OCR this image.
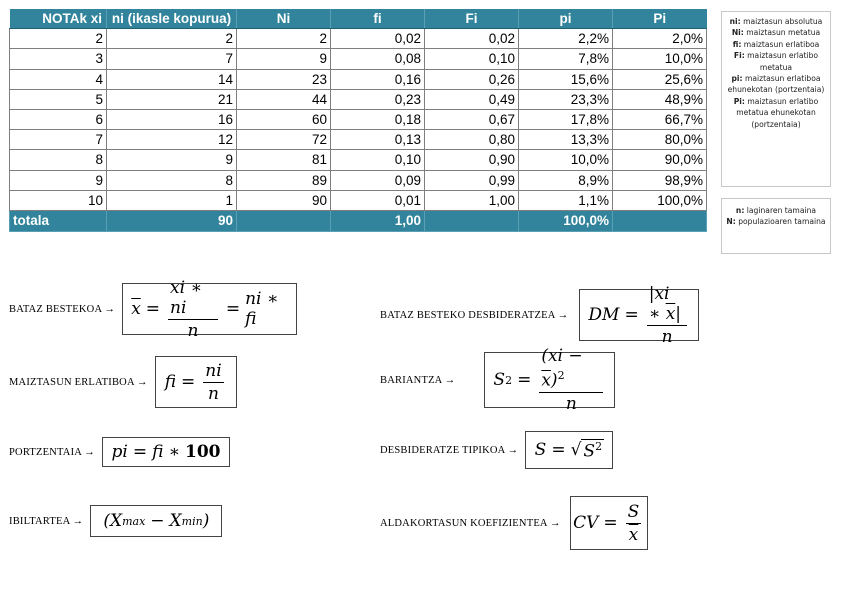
NOTAk xi	ni (ikasle kopurua)	Ni	fi	Fi	pi	Pi
2	2	2	0,02	0,02	2,2%	2,0%
3	7	9	0,08	0,10	7,8%	10,0%
4	14	23	0,16	0,26	15,6%	25,6%
5	21	44	0,23	0,49	23,3%	48,9%
6	16	60	0,18	0,67	17,8%	66,7%
7	12	72	0,13	0,80	13,3%	80,0%
8	9	81	0,10	0,90	10,0%	90,0%
9	8	89	0,09	0,99	8,9%	98,9%
10	1	90	0,01	1,00	1,1%	100,0%
totala	90		1,00		100,0%	
ni: maiztasun absolutua
Ni: maiztasun metatua
fi: maiztasun erlatiboa
Fi: maiztasun erlatibo metatua
pi: maiztasun erlatiboa ehunekotan (portzentaia)
Pi: maiztasun erlatibo metatua ehunekotan (portzentaia)
n: laginaren tamaina
N: populazioaren tamaina
BATAZ BESTEKOA → $\overline{x} = \frac{xi ∗ ni}{n}$ = ni ∗ fi
MAIZTASUN ERLATIBOA →	fi = $\frac{ni}{n}$
PORTZENTAIA → pi = fi ∗ 100
IBILTARTEA →	(X max − X min )
BATAZ BESTEKO DESBIDERATZEA →	DM = $\frac{|xi ∗ \overline{x}|}{n}$
BARIANTZA →	S $2 = \frac{(xi - \overline{x})^2}{n}$
DESBIDERATZE TIPIKOA → S = √ $S^2$
ALDAKORTASUN KOEFIZIENTEA → CV = $\frac{S}{x}$
